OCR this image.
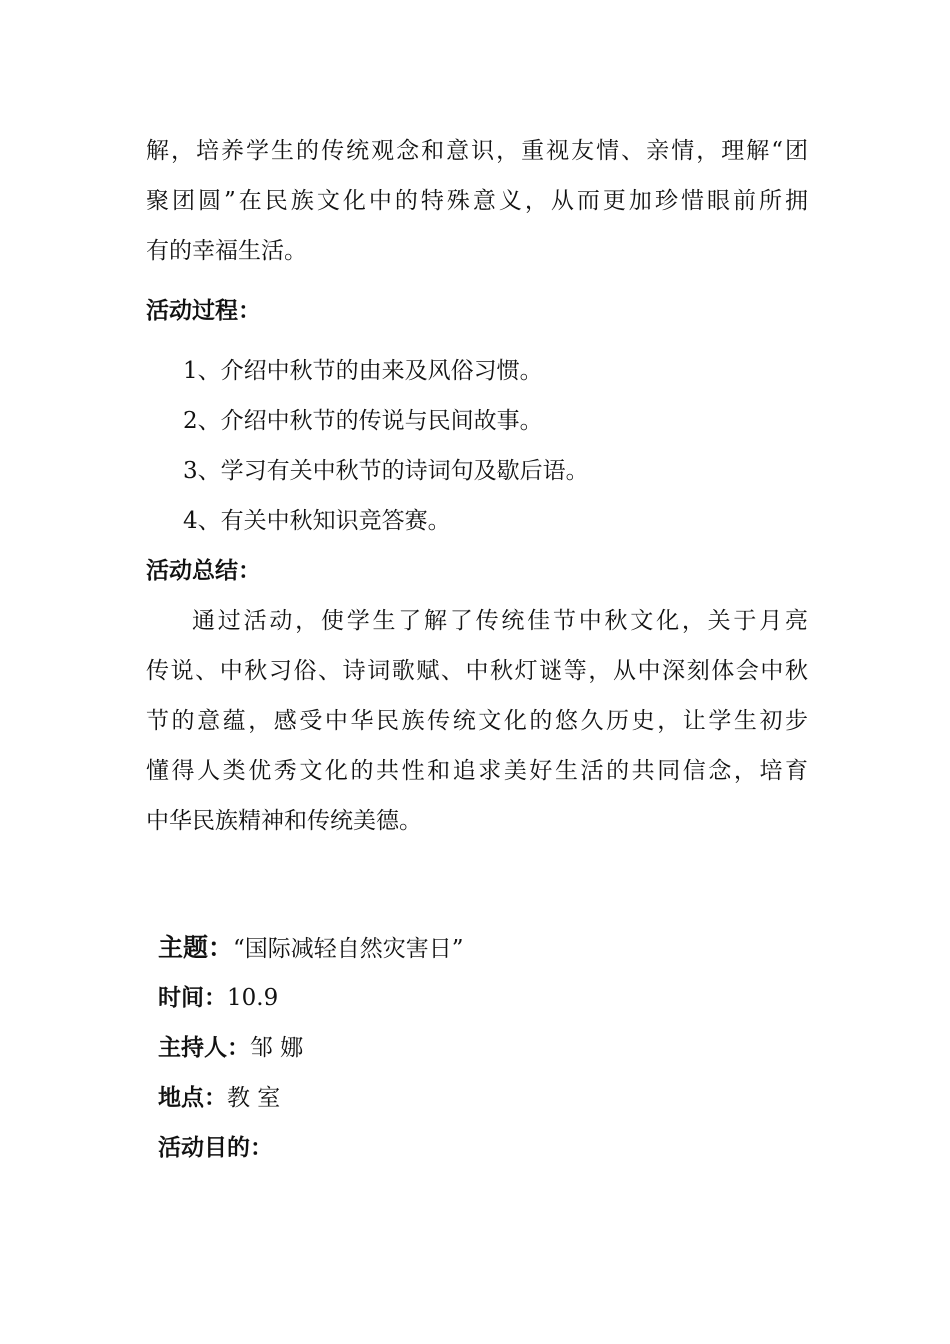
解，培养学生的传统观念和意识，重视友情、亲情，理解“团
聚团圆”在民族文化中的特殊意义，从而更加珍惜眼前所拥
有的幸福生活。
活动过程：
1、介绍中秋节的由来及风俗习惯。
2、介绍中秋节的传说与民间故事。
3、学习有关中秋节的诗词句及歇后语。
4、有关中秋知识竞答赛。
活动总结：
通过活动，使学生了解了传统佳节中秋文化，关于月亮
传说、中秋习俗、诗词歌赋、中秋灯谜等，从中深刻体会中秋
节的意蕴，感受中华民族传统文化的悠久历史，让学生初步
懂得人类优秀文化的共性和追求美好生活的共同信念，培育
中华民族精神和传统美德。
主题：“国际减轻自然灾害日”
时间：10.9
主持人：邹 娜
地点：教 室
活动目的：
